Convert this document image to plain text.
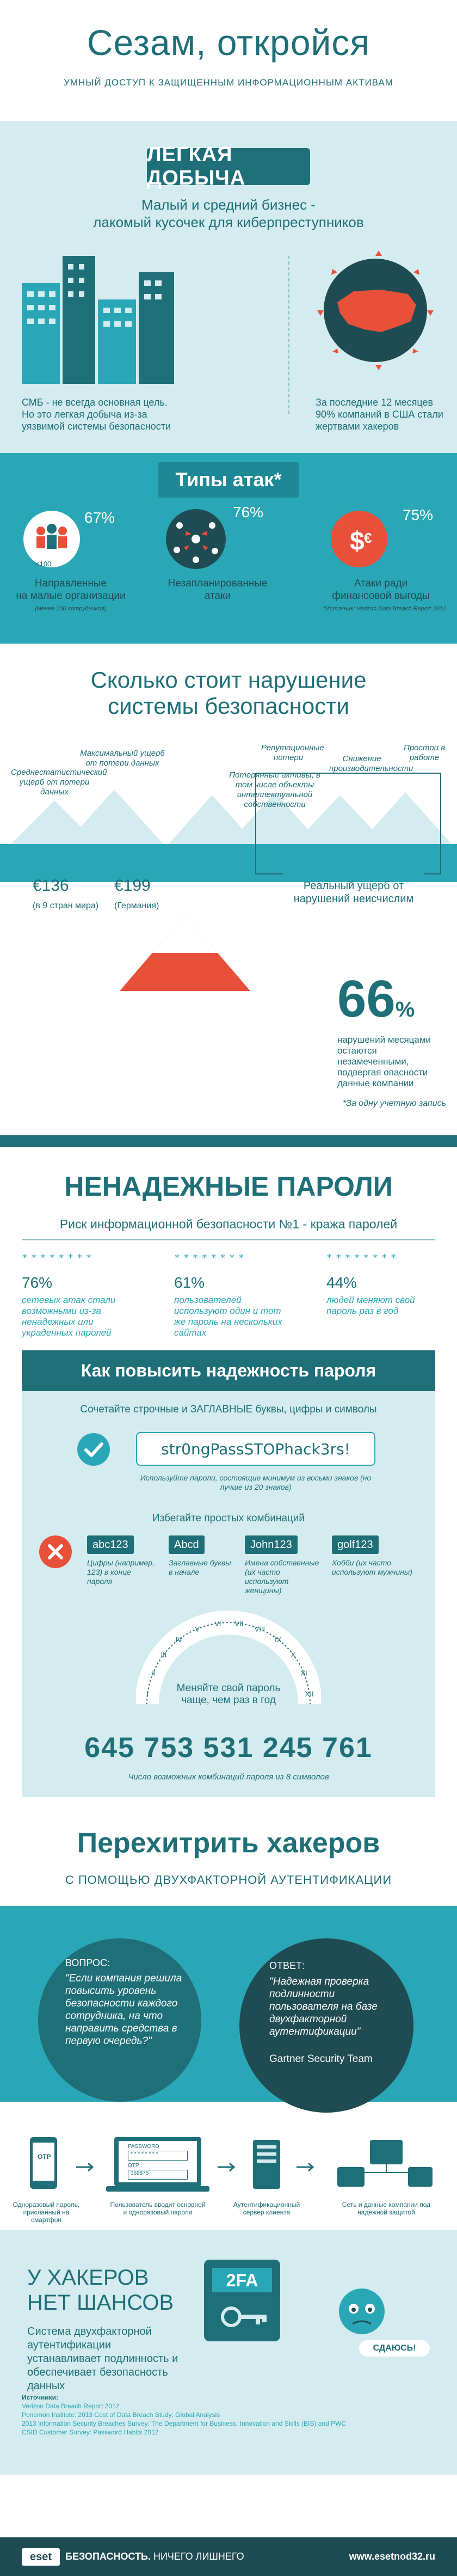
Сезам, откройся
УМНЫЙ ДОСТУП К ЗАЩИЩЕННЫМ ИНФОРМАЦИОННЫМ АКТИВАМ
ЛЕГКАЯ ДОБЫЧА
Малый и средний бизнес -
лакомый кусочек для киберпреступников
СМБ - не всегда основная цель. Но это легкая добыча из-за уязвимой системы безопасности
За последние 12 месяцев 90% компаний в США стали жертвами хакеров
Типы атак*
<100
67%
Направленные
на малые организации
(менее 100 сотрудников)
76%
Незапланированные
атаки
$ €
75%
Атаки ради
финансовой выгоды
*Источник: Verizon Data Breach Report 2012
Сколько стоит нарушение
системы безопасности
Среднестатистический ущерб от потери данных
Максимальный ущерб от потери данных
Репутационные потери
Потерянные активы, в том числе объекты интеллектуальной собственности
Снижение производительности
Простои в работе
€136
(в 9 стран мира)
€199
(Германия)
Реальный ущерб от нарушений неисчислим
66%
нарушений месяцами остаются незамеченными, подвергая опасности данные компании
*За одну учетную запись
НЕНАДЕЖНЫЕ ПАРОЛИ
Риск информационной безопасности №1 - кража паролей
********	********	********
76%
сетевых атак стали возможными из-за ненадежных или украденных паролей
61%
пользователей используют один и тот же пароль на нескольких сайтах
44%
людей меняют свой пароль раз в год
Как повысить надежность пароля
Сочетайте строчные и ЗАГЛАВНЫЕ буквы, цифры и символы
str0ngPassSTOPhack3rs!
Используйте пароли, состоящие минимум из восьми знаков (но лучше из 20 знаков)
Избегайте простых комбинаций
abc123
Цифры (например, 123) в конце пароля
Abcd
Заглавные буквы в начале
John123
Имена собственные (их часто используют женщины)
golf123
Хобби (их часто используют мужчины)
I
II
III
IV
V
VI VII
VIII
IX
X
XI
XII
Меняйте свой пароль чаще, чем раз в год
645 753 531 245 761
Число возможных комбинаций пароля из 8 символов
Перехитрить хакеров
С ПОМОЩЬЮ ДВУХФАКТОРНОЙ АУТЕНТИФИКАЦИИ
ВОПРОС:
"Если компания решила повысить уровень безопасности каждого сотрудника, на что направить средства в первую очередь?"
ОТВЕТ:
"Надежная проверка подлинности пользователя на базе двухфакторной аутентификации"
Gartner Security Team
OTP
PASSWORD
* * * * * * * *
OTP
369875
Одноразовый пароль, присланный на смартфон
Пользователь вводит основной и одноразовый пароли
Аутентификационный сервер клиента
Сеть и данные компании под надежной защитой
У ХАКЕРОВ
НЕТ ШАНСОВ
Система двухфакторной аутентификации устанавливает подлинность и обеспечивает безопасность данных
2FA
СДАЮСЬ!
Источники:
Verizon Data Breach Report 2012
Ponemon Institute: 2013 Cost of Data Breach Study: Global Analysis
2013 Information Security Breaches Survey: The Department for Business, Innovation and Skills (BIS) and PWC
CSID Customer Survey: Password Habits 2012
eset	БЕЗОПАСНОСТЬ. НИЧЕГО ЛИШНЕГО	www.esetnod32.ru
